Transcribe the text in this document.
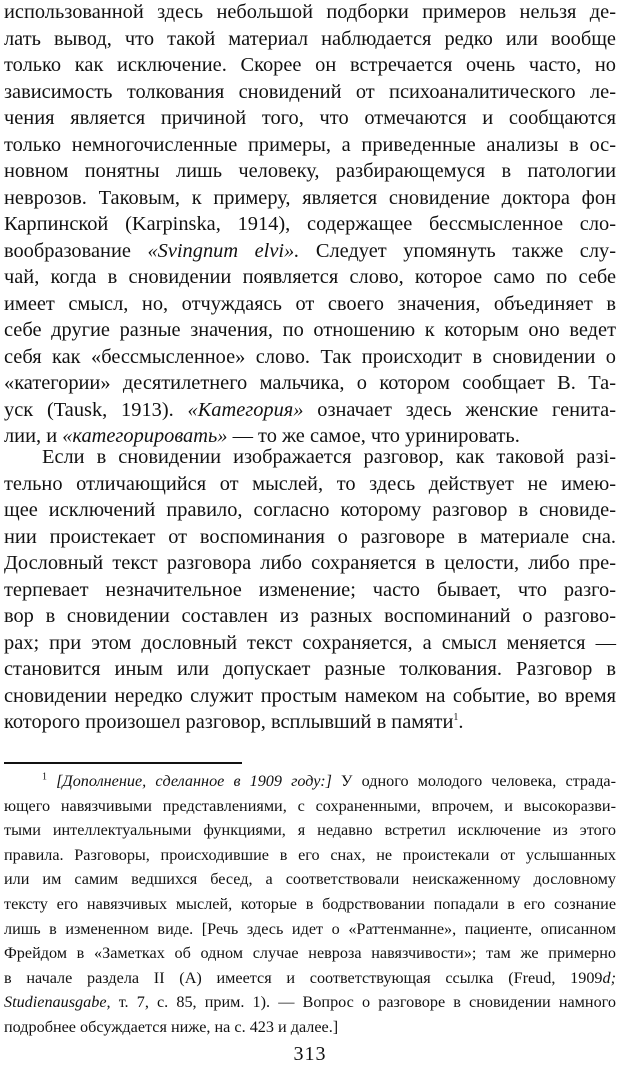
использованной здесь небольшой подборки примеров нельзя де-
лать вывод, что такой материал наблюдается редко или вообще
только как исключение. Скорее он встречается очень часто, но
зависимость толкования сновидений от психоаналитического ле-
чения является причиной того, что отмечаются и сообщаются
только немногочисленные примеры, а приведенные анализы в ос-
новном понятны лишь человеку, разбирающемуся в патологии
неврозов. Таковым, к примеру, является сновидение доктора фон
Карпинской (Karpinska, 1914), содержащее бессмысленное сло-
вообразование «Svingnum elvi». Следует упомянуть также слу-
чай, когда в сновидении появляется слово, которое само по себе
имеет смысл, но, отчуждаясь от своего значения, объединяет в
себе другие разные значения, по отношению к которым оно ведет
себя как «бессмысленное» слово. Так происходит в сновидении о
«категории» десятилетнего мальчика, о котором сообщает В. Та-
уск (Tausk, 1913). «Категория» означает здесь женские генита-
лии, и «категорировать» — то же самое, что уринировать.
Если в сновидении изображается разговор, как таковой разі-
тельно отличающийся от мыслей, то здесь действует не имею-
щее исключений правило, согласно которому разговор в сновиде-
нии проистекает от воспоминания о разговоре в материале сна.
Дословный текст разговора либо сохраняется в целости, либо пре-
терпевает незначительное изменение; часто бывает, что разго-
вор в сновидении составлен из разных воспоминаний о разгово-
рах; при этом дословный текст сохраняется, а смысл меняется —
становится иным или допускает разные толкования. Разговор в
сновидении нередко служит простым намеком на событие, во время
которого произошел разговор, всплывший в памяти$^1$.
$^1$ [Дополнение, сделанное в 1909 году:] У одного молодого человека, страда-
ющего навязчивыми представлениями, с сохраненными, впрочем, и высокоразви-
тыми интеллектуальными функциями, я недавно встретил исключение из этого
правила. Разговоры, происходившие в его снах, не проистекали от услышанных
или им самим ведшихся бесед, а соответствовали неискаженному дословному
тексту его навязчивых мыслей, которые в бодрствовании попадали в его сознание
лишь в измененном виде. [Речь здесь идет о «Раттенманне», пациенте, описанном
Фрейдом в «Заметках об одном случае невроза навязчивости»; там же примерно
в начале раздела II (A) имеется и соответствующая ссылка (Freud, 1909d;
Studienausgabe, т. 7, с. 85, прим. 1). — Вопрос о разговоре в сновидении намного
подробнее обсуждается ниже, на с. 423 и далее.]
313
